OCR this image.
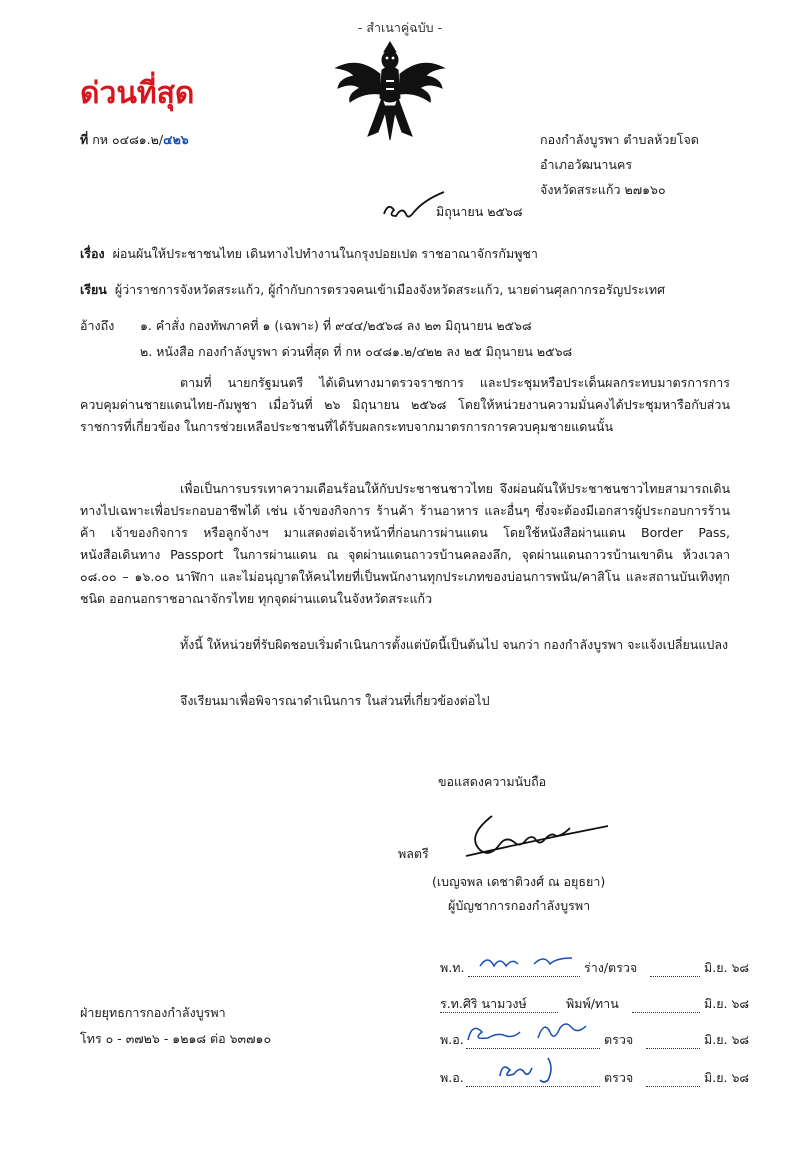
- สำเนาคู่ฉบับ -
ด่วนที่สุด
ที่ กห ๐๔๘๑.๒/๔๒๖	กองกำลังบูรพา ตำบลห้วยโจด
อำเภอวัฒนานคร
จังหวัดสระแก้ว ๒๗๑๖๐
มิถุนายน ๒๕๖๘
เรื่อง ผ่อนผันให้ประชาชนไทย เดินทางไปทำงานในกรุงปอยเปต ราชอาณาจักรกัมพูชา
เรียน ผู้ว่าราชการจังหวัดสระแก้ว, ผู้กำกับการตรวจคนเข้าเมืองจังหวัดสระแก้ว, นายด่านศุลกากรอรัญประเทศ
อ้างถึง ๑. คำสั่ง กองทัพภาคที่ ๑ (เฉพาะ) ที่ ๙๔๔/๒๕๖๘ ลง ๒๓ มิถุนายน ๒๕๖๘
๒. หนังสือ กองกำลังบูรพา ด่วนที่สุด ที่ กห ๐๔๘๑.๒/๔๒๒ ลง ๒๕ มิถุนายน ๒๕๖๘

ตามที่ นายกรัฐมนตรี ได้เดินทางมาตรวจราชการ และประชุมหรือประเด็นผลกระทบมาตรการการควบคุมด่านชายแดนไทย-กัมพูชา เมื่อวันที่ ๒๖ มิถุนายน ๒๕๖๘ โดยให้หน่วยงานความมั่นคงได้ประชุมหารือกับส่วนราชการที่เกี่ยวข้อง ในการช่วยเหลือประชาชนที่ได้รับผลกระทบจากมาตรการการควบคุมชายแดนนั้น

เพื่อเป็นการบรรเทาความเดือนร้อนให้กับประชาชนชาวไทย จึงผ่อนผันให้ประชาชนชาวไทยสามารถเดินทางไปเฉพาะเพื่อประกอบอาชีพได้ เช่น เจ้าของกิจการ ร้านค้า ร้านอาหาร และอื่นๆ ซึ่งจะต้องมีเอกสารผู้ประกอบการร้านค้า เจ้าของกิจการ หรือลูกจ้างฯ มาแสดงต่อเจ้าหน้าที่ก่อนการผ่านแดน โดยใช้หนังสือผ่านแดน Border Pass, หนังสือเดินทาง Passport ในการผ่านแดน ณ จุดผ่านแดนถาวรบ้านคลองลึก, จุดผ่านแดนถาวรบ้านเขาดิน ห้วงเวลา ๐๘.๐๐ – ๑๖.๐๐ นาฬิกา และไม่อนุญาตให้คนไทยที่เป็นพนักงานทุกประเภทของบ่อนการพนัน/คาสิโน และสถานบันเทิงทุกชนิด ออกนอกราชอาณาจักรไทย ทุกจุดผ่านแดนในจังหวัดสระแก้ว

ทั้งนี้ ให้หน่วยที่รับผิดชอบเริ่มดำเนินการตั้งแต่บัดนี้เป็นต้นไป จนกว่า กองกำลังบูรพา จะแจ้งเปลี่ยนแปลง

จึงเรียนมาเพื่อพิจารณาดำเนินการ ในส่วนที่เกี่ยวข้องต่อไป

ขอแสดงความนับถือ
พลตรี
(เบญจพล เดชาติวงศ์ ณ อยุธยา)
ผู้บัญชาการกองกำลังบูรพา
ฝ่ายยุทธการกองกำลังบูรพา
โทร ๐ - ๓๗๒๖ - ๑๒๑๘ ต่อ ๖๓๗๑๐
พ.ท.	ร่าง/ตรวจ	มิ.ย. ๖๘
ร.ท.ศิริ นามวงษ์	พิมพ์/ทาน	มิ.ย. ๖๘
พ.อ.	ตรวจ	มิ.ย. ๖๘
พ.อ.	ตรวจ	มิ.ย. ๖๘
